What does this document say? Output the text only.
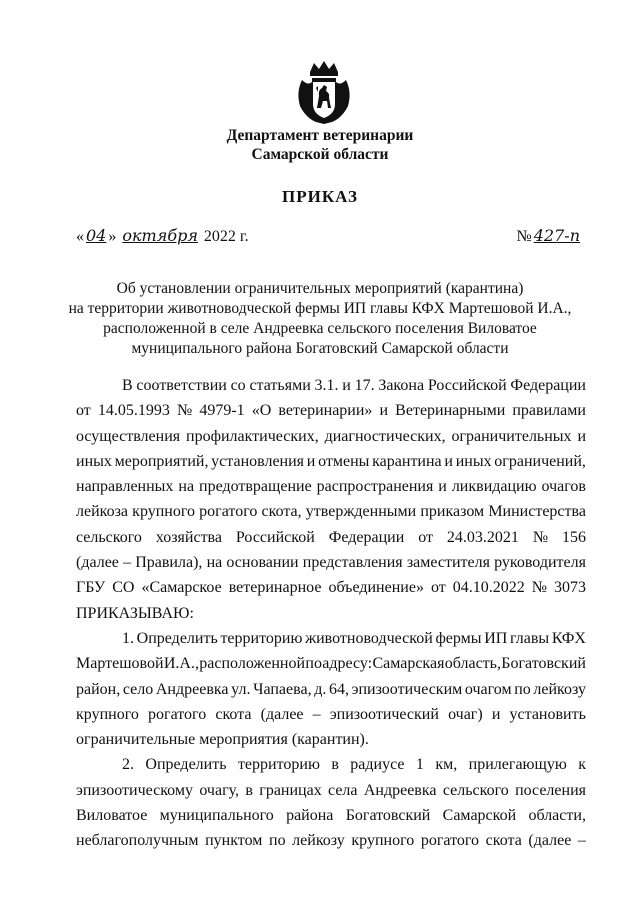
Департамент ветеринарии
Самарской области
ПРИКАЗ
« 04 » октября 2022 г.	№ 427-п
Об установлении ограничительных мероприятий (карантина)
на территории животноводческой фермы ИП главы КФХ Мартешовой И.А.,
расположенной в селе Андреевка сельского поселения Виловатое
муниципального района Богатовский Самарской области
В соответствии со статьями 3.1. и 17. Закона Российской Федерации
от 14.05.1993 № 4979-1 «О ветеринарии» и Ветеринарными правилами
осуществления профилактических, диагностических, ограничительных и
иных мероприятий, установления и отмены карантина и иных ограничений,
направленных на предотвращение распространения и ликвидацию очагов
лейкоза крупного рогатого скота, утвержденными приказом Министерства
сельского хозяйства Российской Федерации от 24.03.2021 № 156
(далее – Правила), на основании представления заместителя руководителя
ГБУ СО «Самарское ветеринарное объединение» от 04.10.2022 № 3073
ПРИКАЗЫВАЮ:
1. Определить территорию животноводческой фермы ИП главы КФХ
Мартешовой И.А., расположенной по адресу: Самарская область, Богатовский
район, село Андреевка ул. Чапаева, д. 64, эпизоотическим очагом по лейкозу
крупного рогатого скота (далее – эпизоотический очаг) и установить
ограничительные мероприятия (карантин).
2. Определить территорию в радиусе 1 км, прилегающую к
эпизоотическому очагу, в границах села Андреевка сельского поселения
Виловатое муниципального района Богатовский Самарской области,
неблагополучным пунктом по лейкозу крупного рогатого скота (далее –
